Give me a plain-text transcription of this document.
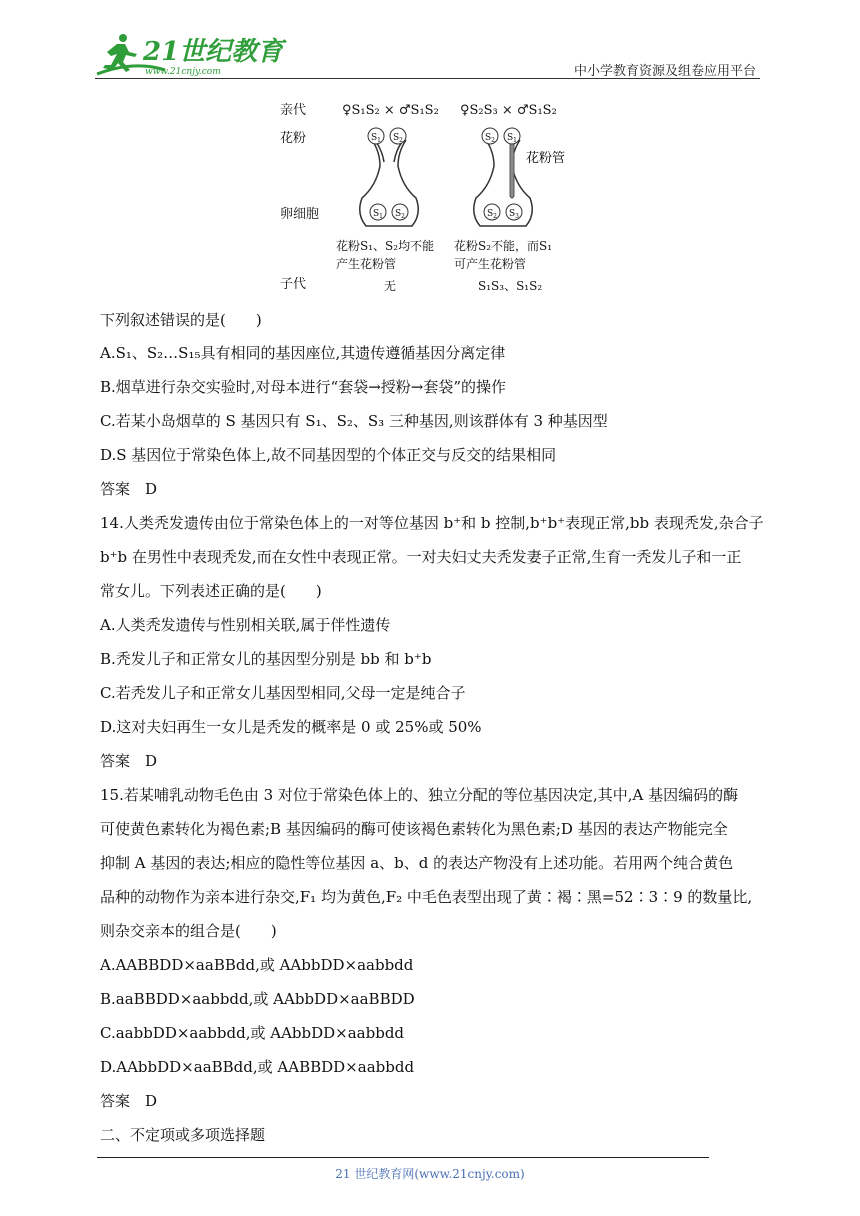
21世纪教育
www.21cnjy.com	中小学教育资源及组卷应用平台
亲代
花粉
卵细胞
子代
♀S₁S₂ × ♂S₁S₂ ♀S₂S₃ × ♂S₁S₂
$S_1$ $S_2$
$S_1$ $S_2$
$S_2$ $S_1$
$S_2$ $S_3$
花粉管
花粉S₁、S₂均不能
产生花粉管
花粉S₂不能，而S₁
可产生花粉管
无	S₁S₃、S₁S₂
下列叙述错误的是(　　)
A.S₁、S₂…S₁₅具有相同的基因座位,其遗传遵循基因分离定律
B.烟草进行杂交实验时,对母本进行“套袋→授粉→套袋”的操作
C.若某小岛烟草的 S 基因只有 S₁、S₂、S₃ 三种基因,则该群体有 3 种基因型
D.S 基因位于常染色体上,故不同基因型的个体正交与反交的结果相同
答案　D
14.人类秃发遗传由位于常染色体上的一对等位基因 b⁺和 b 控制,b⁺b⁺表现正常,bb 表现秃发,杂合子
b⁺b 在男性中表现秃发,而在女性中表现正常。一对夫妇丈夫秃发妻子正常,生育一秃发儿子和一正
常女儿。下列表述正确的是(　　)
A.人类秃发遗传与性别相关联,属于伴性遗传
B.秃发儿子和正常女儿的基因型分别是 bb 和 b⁺b
C.若秃发儿子和正常女儿基因型相同,父母一定是纯合子
D.这对夫妇再生一女儿是秃发的概率是 0 或 25%或 50%
答案　D
15.若某哺乳动物毛色由 3 对位于常染色体上的、独立分配的等位基因决定,其中,A 基因编码的酶
可使黄色素转化为褐色素;B 基因编码的酶可使该褐色素转化为黑色素;D 基因的表达产物能完全
抑制 A 基因的表达;相应的隐性等位基因 a、b、d 的表达产物没有上述功能。若用两个纯合黄色
品种的动物作为亲本进行杂交,F₁ 均为黄色,F₂ 中毛色表型出现了黄∶褐∶黑=52∶3∶9 的数量比,
则杂交亲本的组合是(　　)
A.AABBDD×aaBBdd,或 AAbbDD×aabbdd
B.aaBBDD×aabbdd,或 AAbbDD×aaBBDD
C.aabbDD×aabbdd,或 AAbbDD×aabbdd
D.AAbbDD×aaBBdd,或 AABBDD×aabbdd
答案　D
二、不定项或多项选择题
21 世纪教育网(www.21cnjy.com)
